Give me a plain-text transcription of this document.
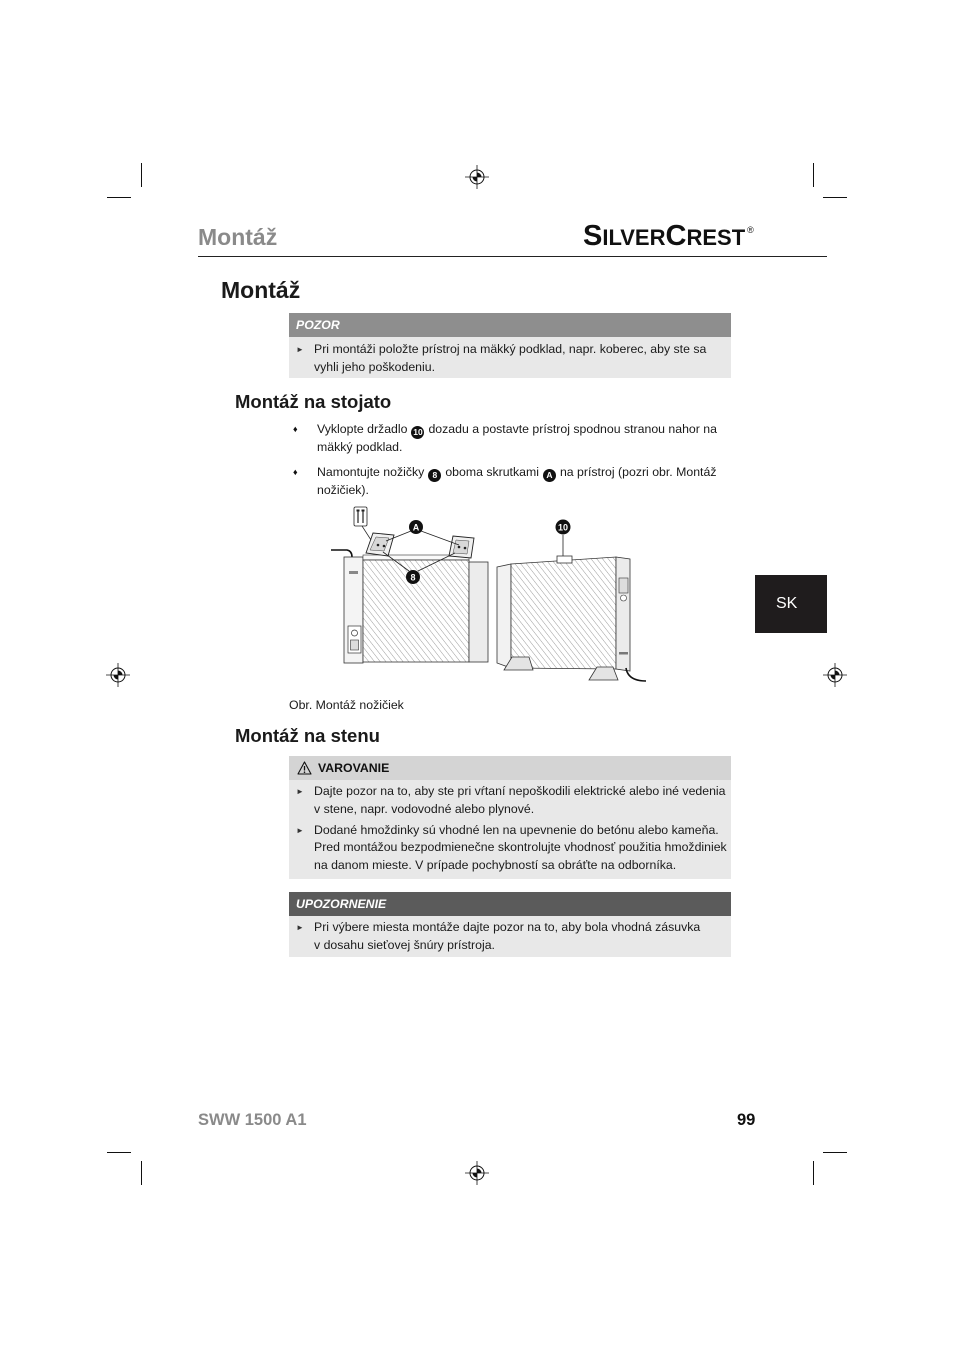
Montáž	SILVERCREST ®
Montáž
POZOR
► Pri montáži položte prístroj na mäkký podklad, napr. koberec, aby ste sa
vyhli jeho poškodeniu.
Montáž na stojato
♦	Vyklopte držadlo 10 dozadu a postavte prístroj spodnou stranou nahor na
mäkký podklad.
♦	Namontujte nožičky 8 oboma skrutkami A na prístroj (pozri obr. Montáž
nožičiek).
A	10
8
Obr. Montáž nožičiek
Montáž na stenu
VAROVANIE
► Dajte pozor na to, aby ste pri vŕtaní nepoškodili elektrické alebo iné vedenia
v stene, napr. vodovodné alebo plynové.
► Dodané hmoždinky sú vhodné len na upevnenie do betónu alebo kameňa.
Pred montážou bezpodmienečne skontrolujte vhodnosť použitia hmoždiniek
na danom mieste. V prípade pochybností sa obráťte na odborníka.
UPOZORNENIE
► Pri výbere miesta montáže dajte pozor na to, aby bola vhodná zásuvka
v dosahu sieťovej šnúry prístroja.
SK
SWW 1500 A1	99
